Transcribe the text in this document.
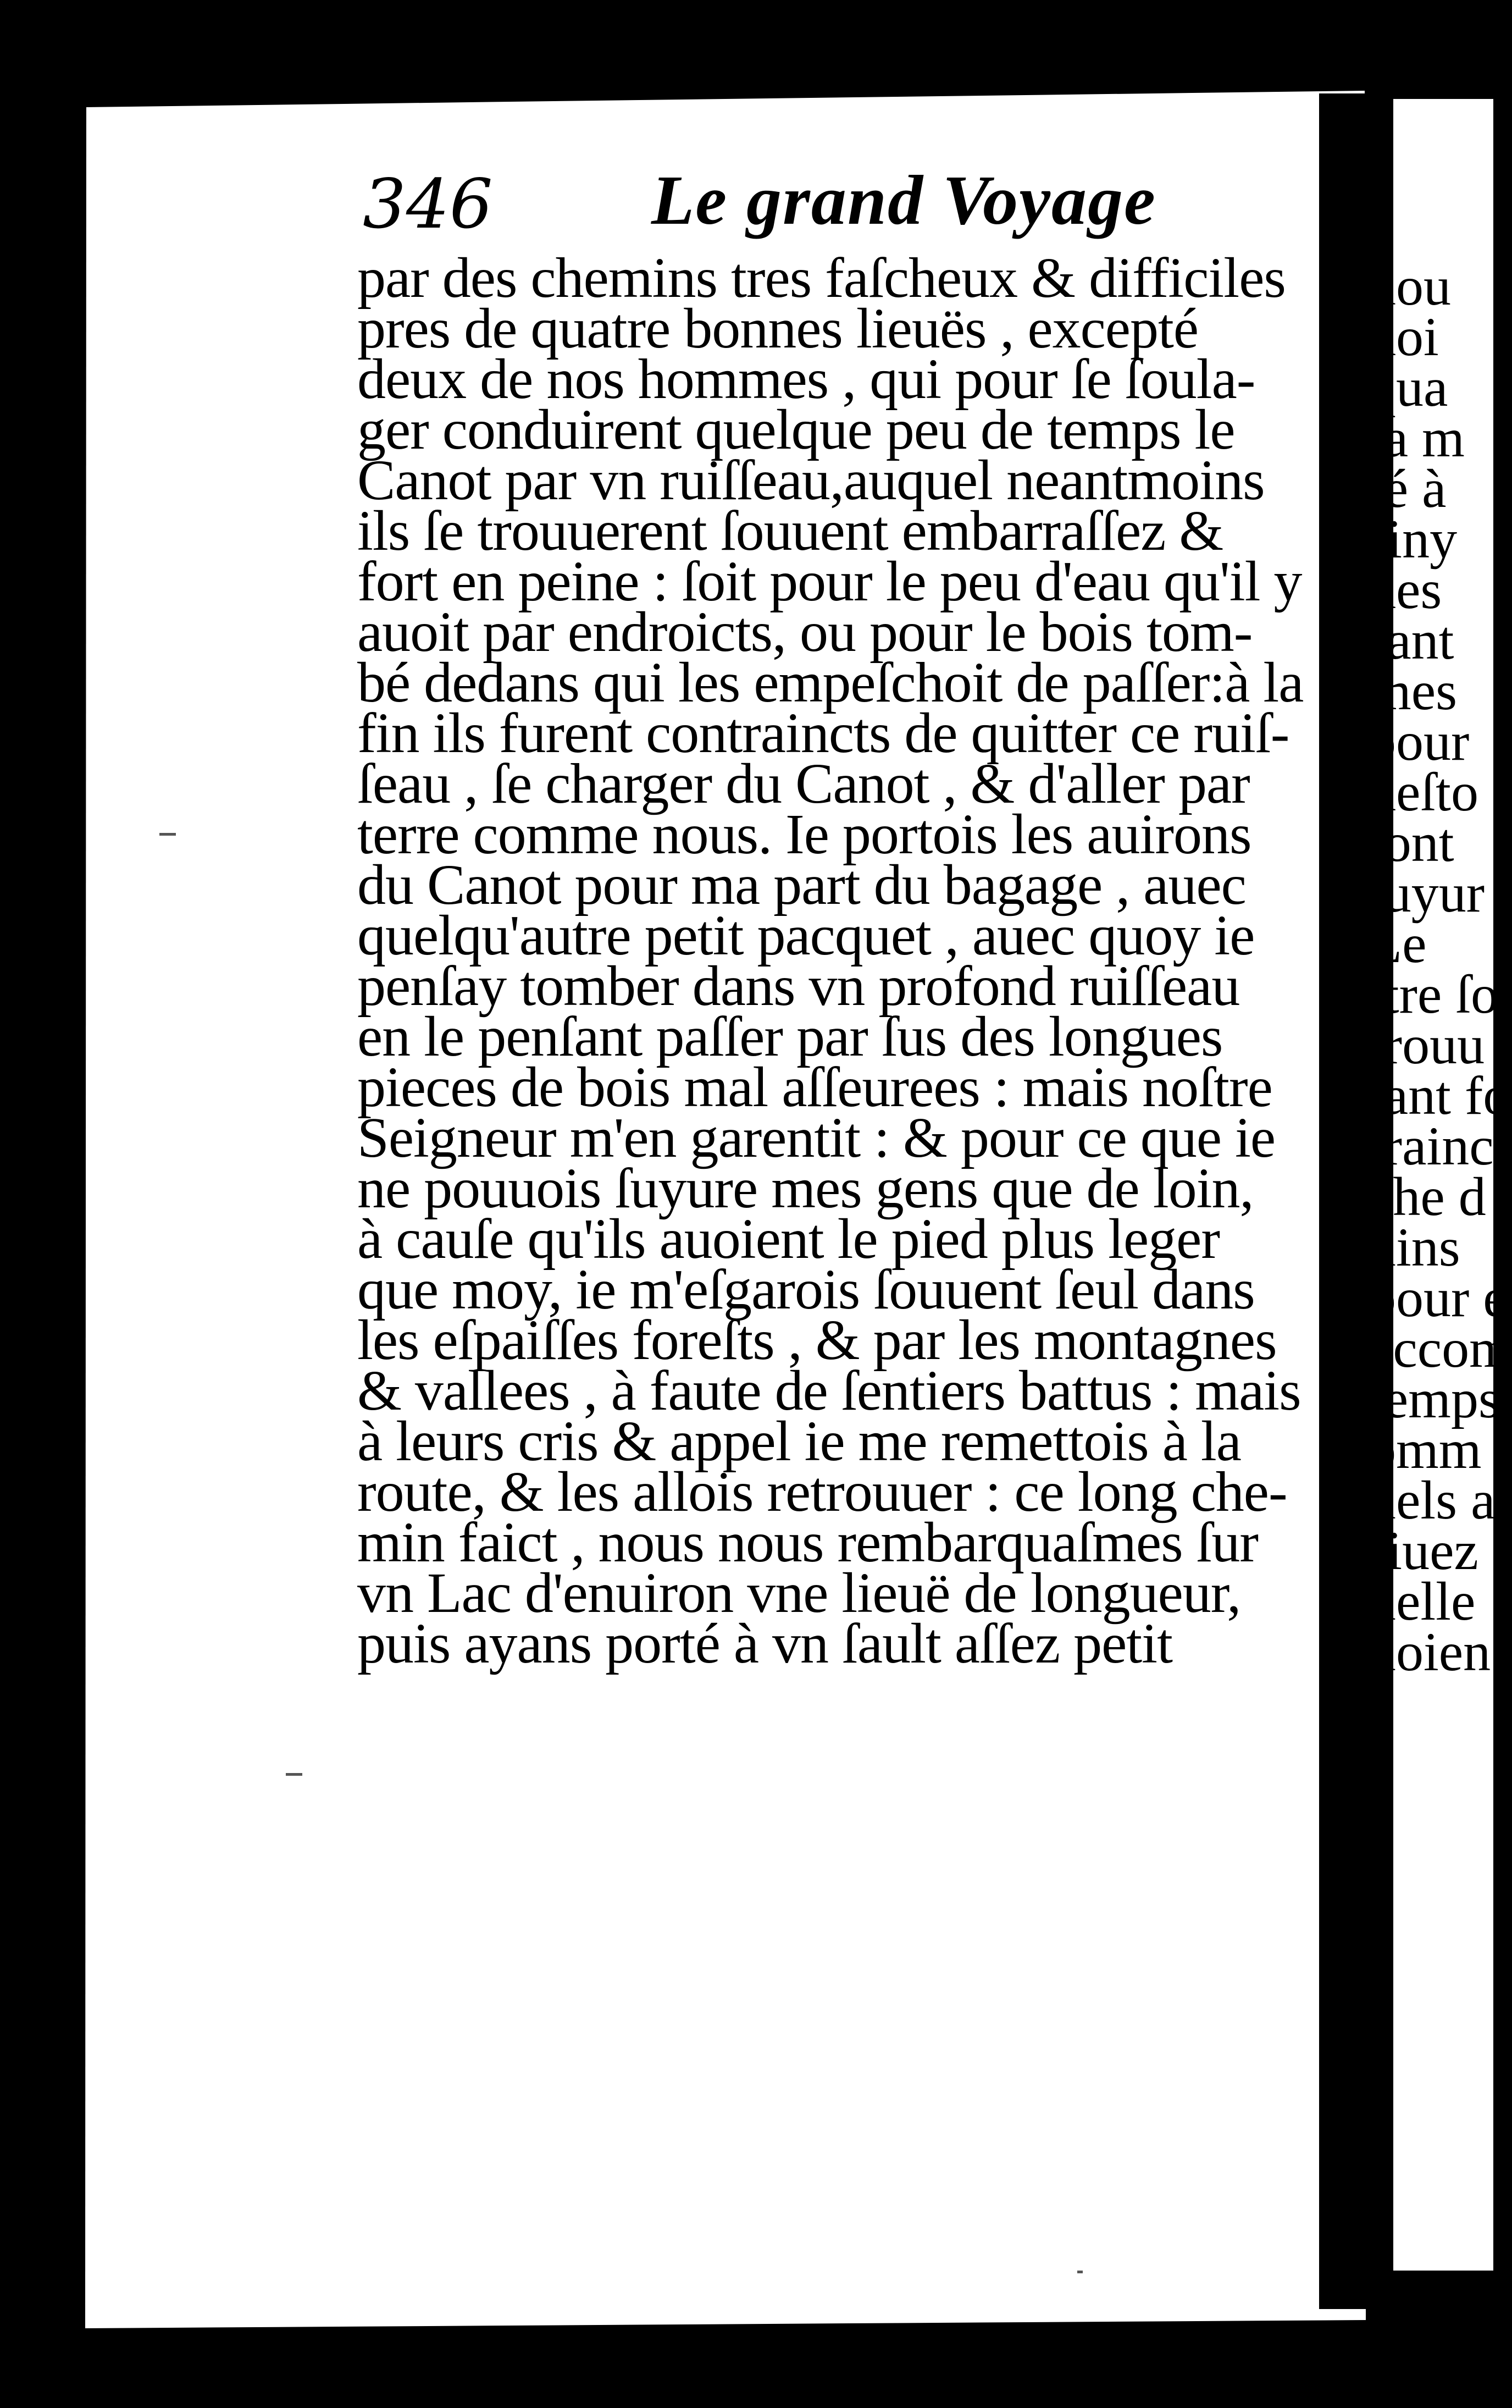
346 Le grand Voyage
par des chemins tres faſcheux & difficiles
pres de quatre bonnes lieuës , excepté
deux de nos hommes , qui pour ſe ſoula-
ger conduirent quelque peu de temps le
Canot par vn ruiſſeau,auquel neantmoins
ils ſe trouuerent ſouuent embarraſſez &
fort en peine : ſoit pour le peu d'eau qu'il y
auoit par endroicts, ou pour le bois tom-
bé dedans qui les empeſchoit de paſſer:à la
fin ils furent contraincts de quitter ce ruiſ-
ſeau , ſe charger du Canot , & d'aller par
terre comme nous. Ie portois les auirons
du Canot pour ma part du bagage , auec
quelqu'autre petit pacquet , auec quoy ie
penſay tomber dans vn profond ruiſſeau
en le penſant paſſer par ſus des longues
pieces de bois mal aſſeurees : mais noſtre
Seigneur m'en garentit : & pour ce que ie
ne pouuois ſuyure mes gens que de loin,
à cauſe qu'ils auoient le pied plus leger
que moy, ie m'eſgarois ſouuent ſeul dans
les eſpaiſſes foreſts , & par les montagnes
& vallees , à faute de ſentiers battus : mais
à leurs cris & appel ie me remettois à la
route, & les allois retrouuer : ce long che-
min faict , nous nous rembarquaſmes ſur
vn Lac d'enuiron vne lieuë de longueur,
puis ayans porté à vn ſault aſſez petit
nou
doi
qua
la m
té à
riny
des
rant
mes
pour
deſto
ſont
ſuyur
Le
ſtre ſo
trouu
ſant fo
trainct
che d
uins
pour e
accom
temps
omm
uels a
riuez
uelle
uoien
